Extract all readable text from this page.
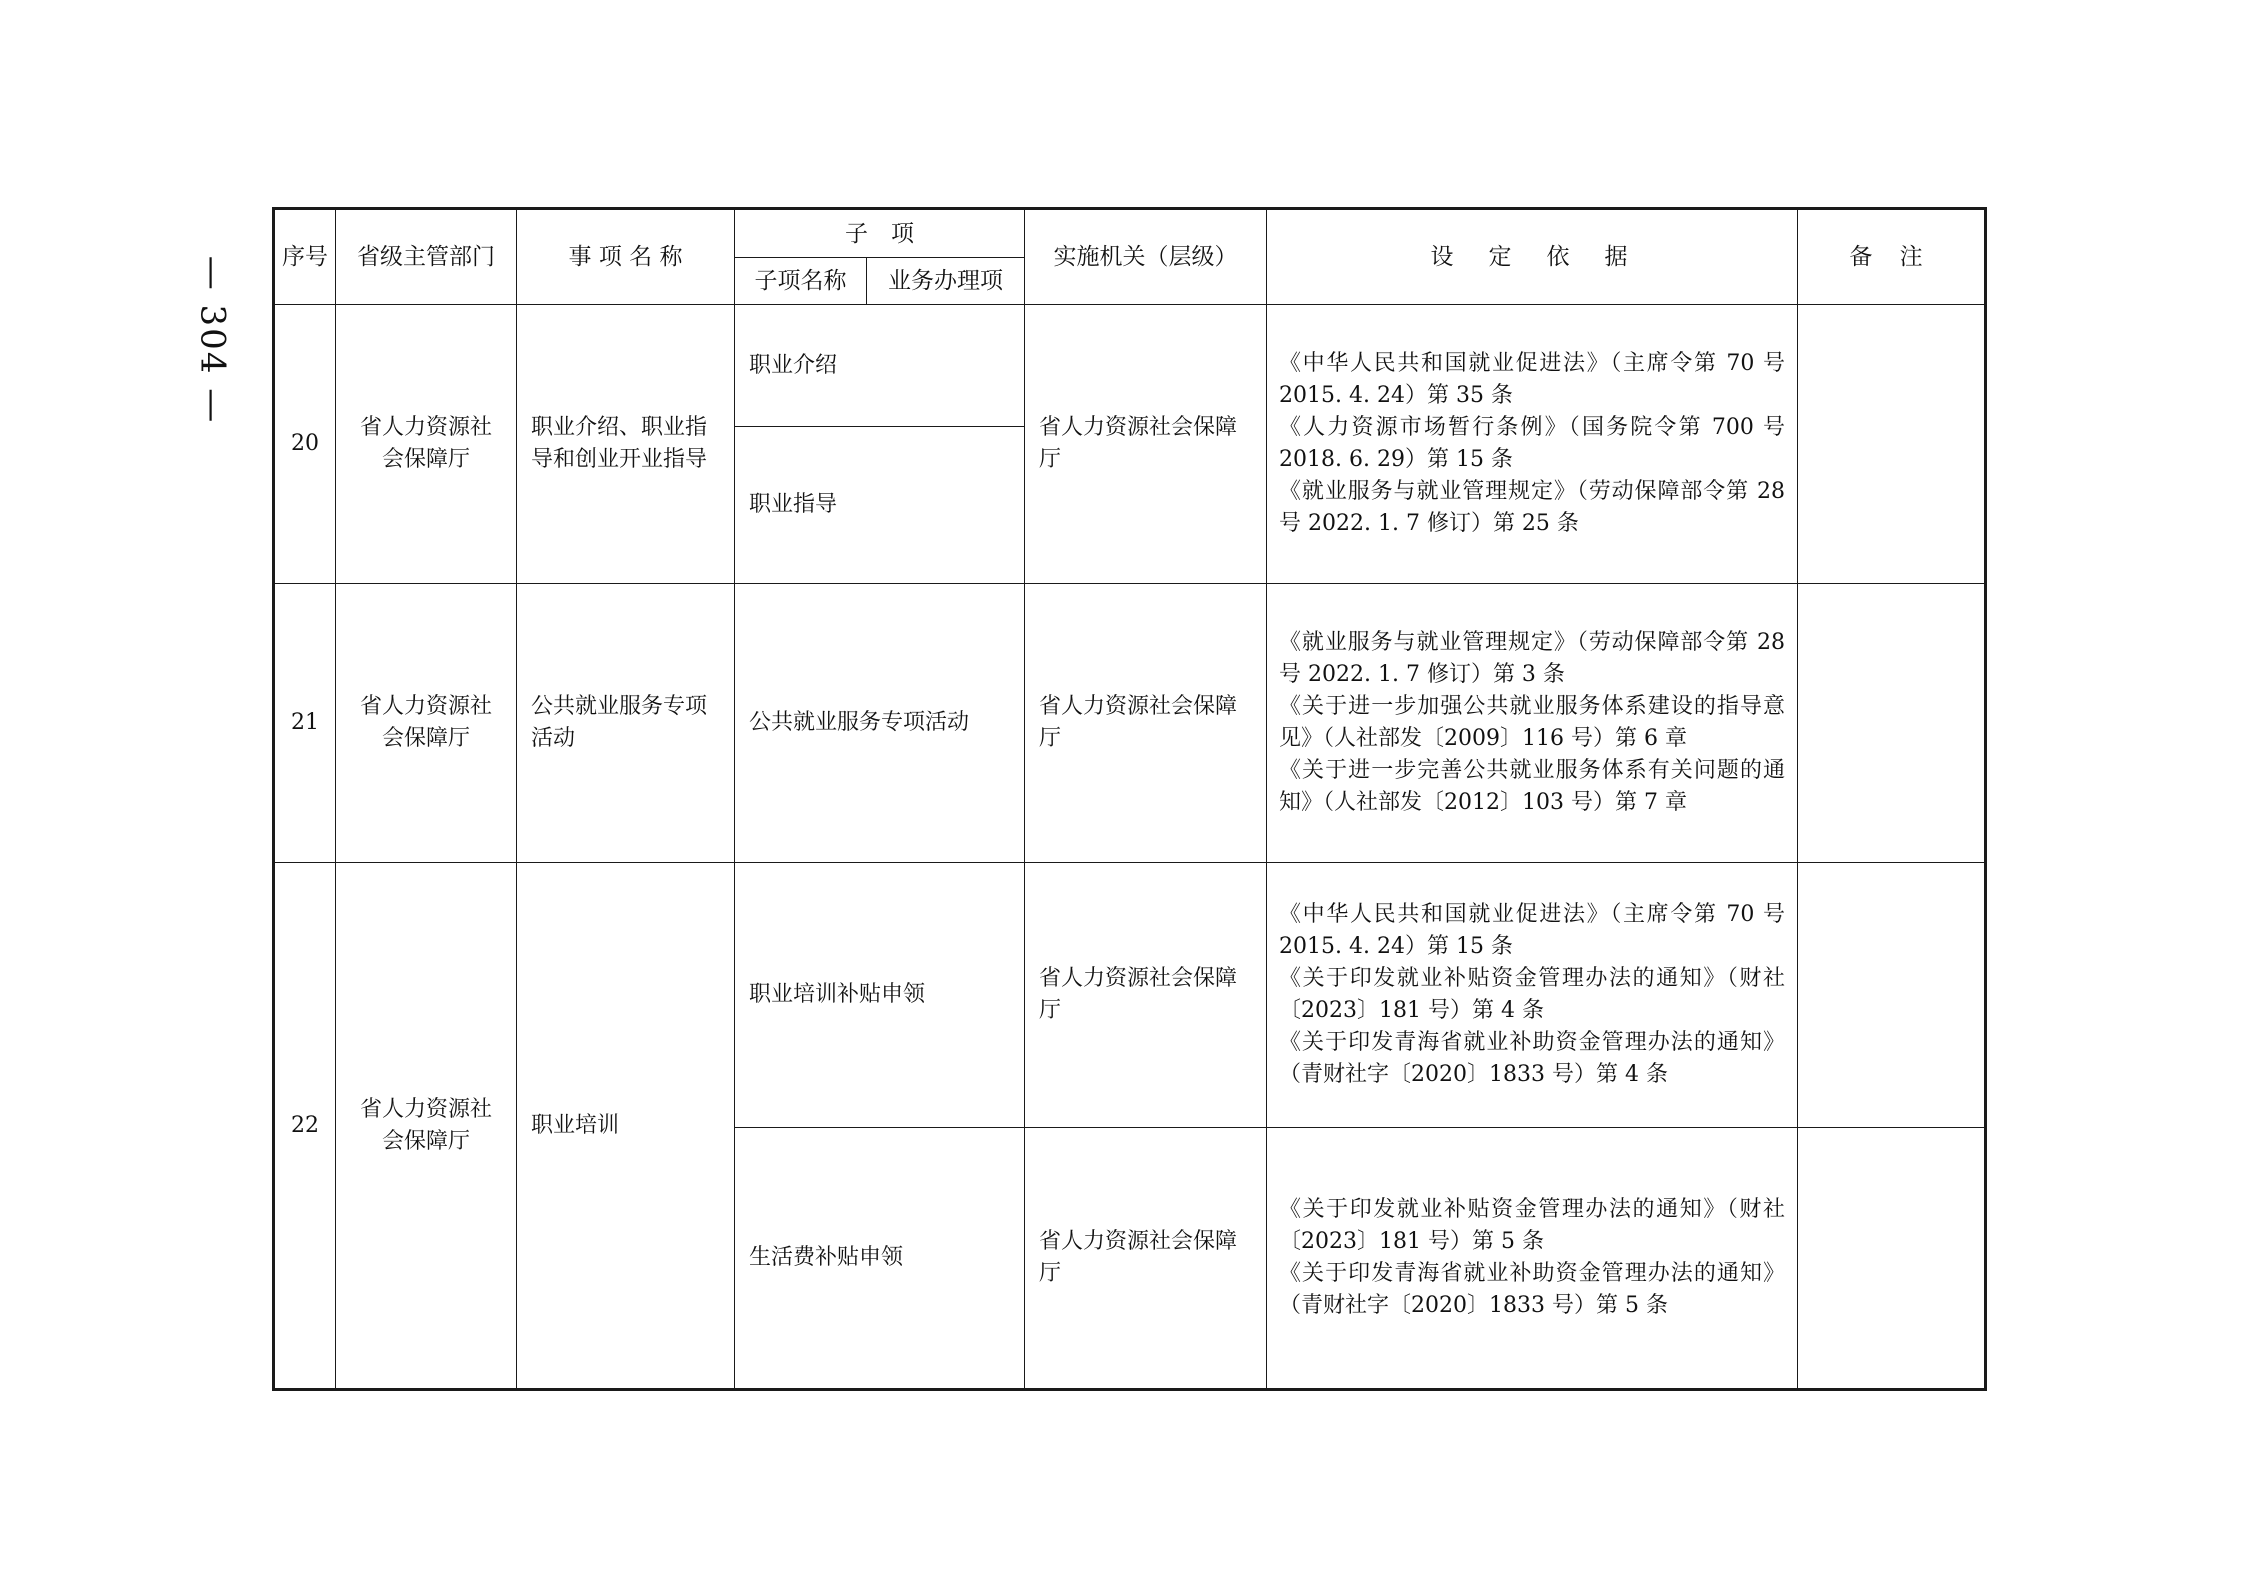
— 304 — 序号	省级主管部门	事 项 名 称	子　项		实施机关（层级）	设　定　依　据	备 注
			子项名称	业务办理项			
20	省人力资源社会保障厅	职业介绍、职业指导和创业开业指导	职业介绍		省人力资源社会保障厅	《中华人民共和国就业促进法》（主席令第 70 号 2015. 4. 24）第 35 条
《人力资源市场暂行条例》（国务院令第 700 号 2018. 6. 29）第 15 条
《就业服务与就业管理规定》（劳动保障部令第 28 号 2022. 1. 7 修订）第 25 条	

			职业指导				
21	省人力资源社会保障厅	公共就业服务专项活动	公共就业服务专项活动		省人力资源社会保障厅	《就业服务与就业管理规定》（劳动保障部令第 28 号 2022. 1. 7 修订）第 3 条
《关于进一步加强公共就业服务体系建设的指导意见》（人社部发〔2009〕116 号）第 6 章
《关于进一步完善公共就业服务体系有关问题的通知》（人社部发〔2012〕103 号）第 7 章	

22	省人力资源社会保障厅	职业培训	职业培训补贴申领		省人力资源社会保障厅	《中华人民共和国就业促进法》（主席令第 70 号 2015. 4. 24）第 15 条
《关于印发就业补贴资金管理办法的通知》（财社〔2023〕181 号）第 4 条
《关于印发青海省就业补助资金管理办法的通知》（青财社字〔2020〕1833 号）第 4 条	

			生活费补贴申领		省人力资源社会保障厅	《关于印发就业补贴资金管理办法的通知》（财社〔2023〕181 号）第 5 条
《关于印发青海省就业补助资金管理办法的通知》（青财社字〔2020〕1833 号）第 5 条	
